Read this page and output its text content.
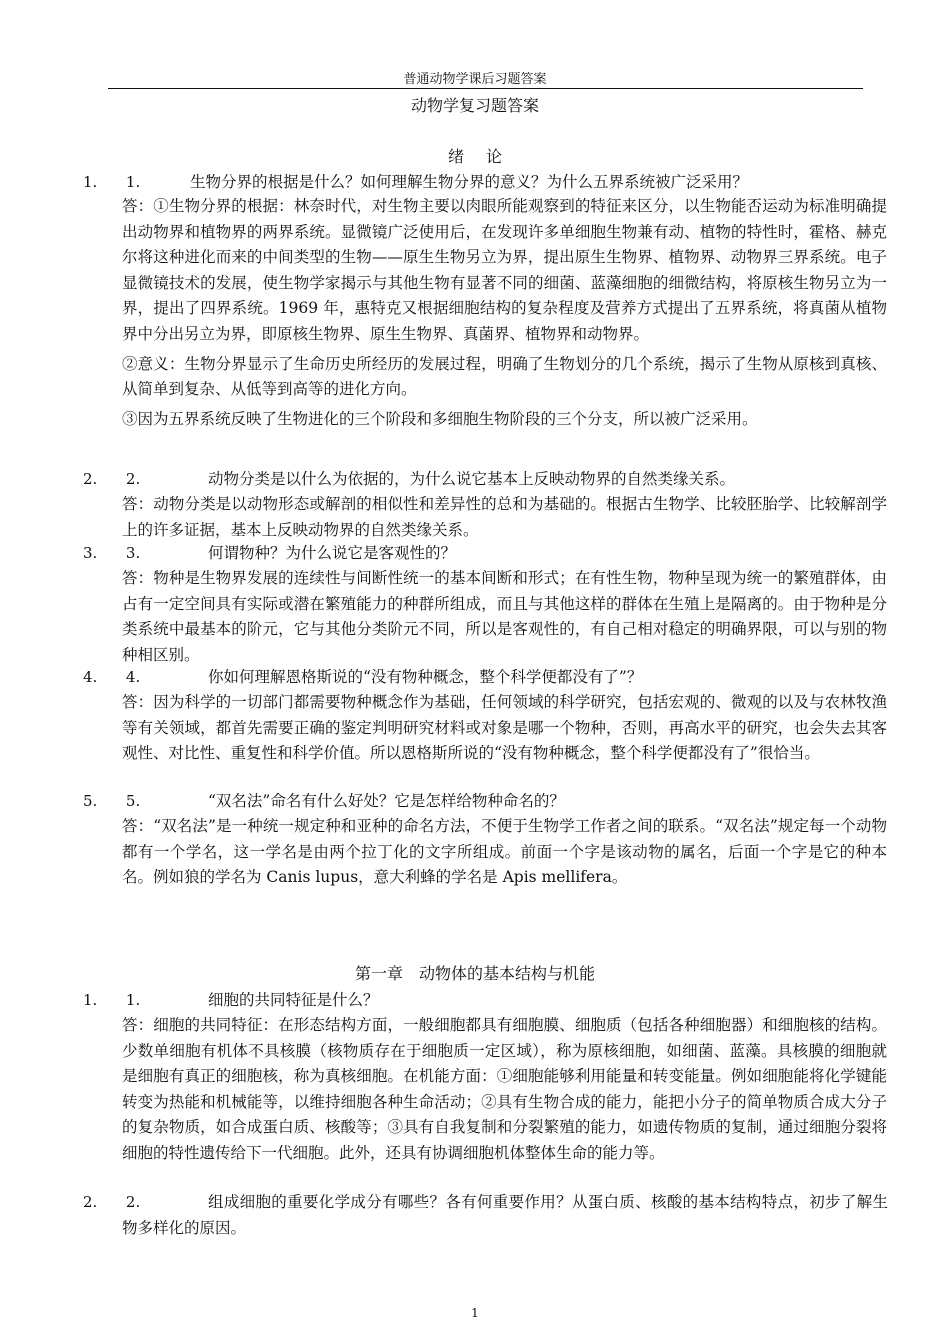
普通动物学课后习题答案
动物学复习题答案
绪论
1. 1.	生物分界的根据是什么？如何理解生物分界的意义？为什么五界系统被广泛采用？

答：①生物分界的根据：林奈时代，对生物主要以肉眼所能观察到的特征来区分，以生物能否运动为标准明确提出动物界和植物界的两界系统。显微镜广泛使用后，在发现许多单细胞生物兼有动、植物的特性时，霍格、赫克尔将这种进化而来的中间类型的生物——原生生物另立为界，提出原生生物界、植物界、动物界三界系统。电子显微镜技术的发展，使生物学家揭示与其他生物有显著不同的细菌、蓝藻细胞的细微结构，将原核生物另立为一界，提出了四界系统。1969 年，惠特克又根据细胞结构的复杂程度及营养方式提出了五界系统，将真菌从植物界中分出另立为界，即原核生物界、原生生物界、真菌界、植物界和动物界。

②意义：生物分界显示了生命历史所经历的发展过程，明确了生物划分的几个系统，揭示了生物从原核到真核、从简单到复杂、从低等到高等的进化方向。

③因为五界系统反映了生物进化的三个阶段和多细胞生物阶段的三个分支，所以被广泛采用。

2. 2.	动物分类是以什么为依据的，为什么说它基本上反映动物界的自然类缘关系。

答：动物分类是以动物形态或解剖的相似性和差异性的总和为基础的。根据古生物学、比较胚胎学、比较解剖学上的许多证据，基本上反映动物界的自然类缘关系。

3. 3.	何谓物种？为什么说它是客观性的？

答：物种是生物界发展的连续性与间断性统一的基本间断和形式；在有性生物，物种呈现为统一的繁殖群体，由占有一定空间具有实际或潜在繁殖能力的种群所组成，而且与其他这样的群体在生殖上是隔离的。由于物种是分类系统中最基本的阶元，它与其他分类阶元不同，所以是客观性的，有自己相对稳定的明确界限，可以与别的物种相区别。

4. 4.	你如何理解恩格斯说的“没有物种概念，整个科学便都没有了”？

答：因为科学的一切部门都需要物种概念作为基础，任何领域的科学研究，包括宏观的、微观的以及与农林牧渔等有关领域，都首先需要正确的鉴定判明研究材料或对象是哪一个物种，否则，再高水平的研究，也会失去其客观性、对比性、重复性和科学价值。所以恩格斯所说的“没有物种概念，整个科学便都没有了”很恰当。

5. 5.	“双名法”命名有什么好处？它是怎样给物种命名的？

答：“双名法”是一种统一规定种和亚种的命名方法，不便于生物学工作者之间的联系。“双名法”规定每一个动物都有一个学名，这一学名是由两个拉丁化的文字所组成。前面一个字是该动物的属名，后面一个字是它的种本名。例如狼的学名为 Canis lupus，意大利蜂的学名是 Apis mellifera。

第一章　动物体的基本结构与机能
1. 1.	细胞的共同特征是什么？

答：细胞的共同特征：在形态结构方面，一般细胞都具有细胞膜、细胞质（包括各种细胞器）和细胞核的结构。少数单细胞有机体不具核膜（核物质存在于细胞质一定区域），称为原核细胞，如细菌、蓝藻。具核膜的细胞就是细胞有真正的细胞核，称为真核细胞。在机能方面：①细胞能够利用能量和转变能量。例如细胞能将化学键能转变为热能和机械能等，以维持细胞各种生命活动；②具有生物合成的能力，能把小分子的简单物质合成大分子的复杂物质，如合成蛋白质、核酸等；③具有自我复制和分裂繁殖的能力，如遗传物质的复制，通过细胞分裂将细胞的特性遗传给下一代细胞。此外，还具有协调细胞机体整体生命的能力等。

2. 2.	组成细胞的重要化学成分有哪些？各有何重要作用？从蛋白质、核酸的基本结构特点，初步了解生物多样化的原因。
1
